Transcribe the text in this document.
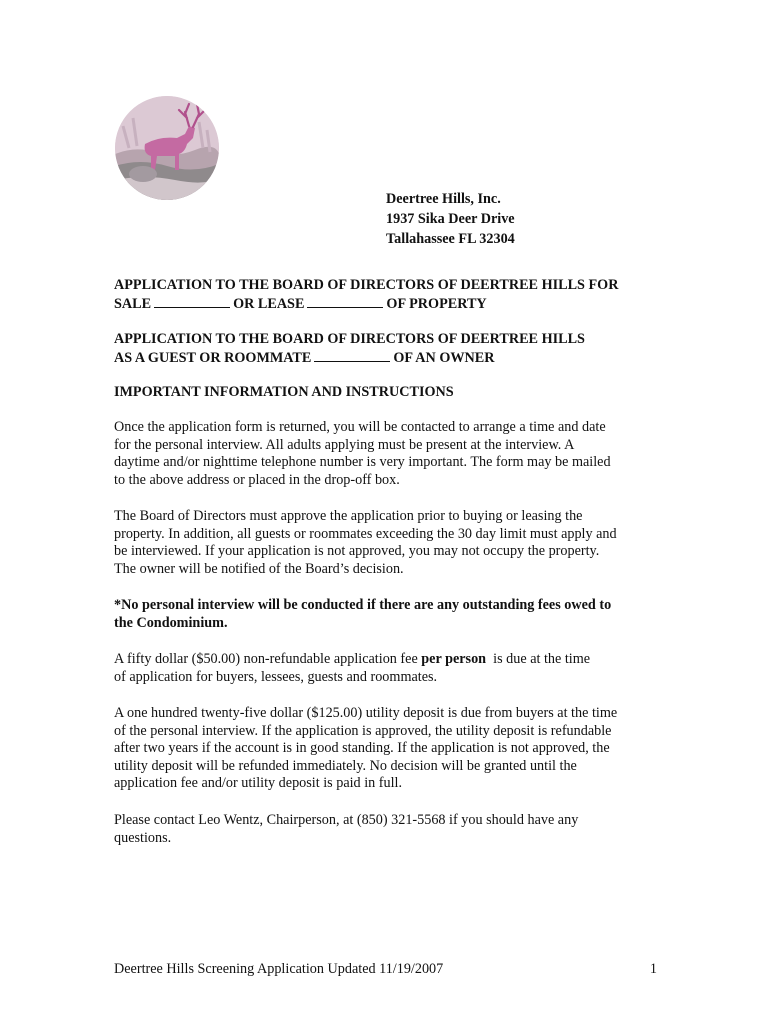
Deertree Hills, Inc.
1937 Sika Deer Drive
Tallahassee FL 32304
APPLICATION TO THE BOARD OF DIRECTORS OF DEERTREE HILLS FOR
SALE	OR LEASE	OF PROPERTY
APPLICATION TO THE BOARD OF DIRECTORS OF DEERTREE HILLS
AS A GUEST OR ROOMMATE	OF AN OWNER
IMPORTANT INFORMATION AND INSTRUCTIONS
Once the application form is returned, you will be contacted to arrange a time and date
for the personal interview. All adults applying must be present at the interview. A
daytime and/or nighttime telephone number is very important. The form may be mailed
to the above address or placed in the drop-off box.
The Board of Directors must approve the application prior to buying or leasing the
property. In addition, all guests or roommates exceeding the 30 day limit must apply and
be interviewed. If your application is not approved, you may not occupy the property.
The owner will be notified of the Board’s decision.
*No personal interview will be conducted if there are any outstanding fees owed to
the Condominium.
A fifty dollar ($50.00) non-refundable application fee per person  is due at the time
of application for buyers, lessees, guests and roommates.
A one hundred twenty-five dollar ($125.00) utility deposit is due from buyers at the time
of the personal interview. If the application is approved, the utility deposit is refundable
after two years if the account is in good standing. If the application is not approved, the
utility deposit will be refunded immediately. No decision will be granted until the
application fee and/or utility deposit is paid in full.
Please contact Leo Wentz, Chairperson, at (850) 321-5568 if you should have any
questions.
Deertree Hills Screening Application Updated 11/19/2007	1
